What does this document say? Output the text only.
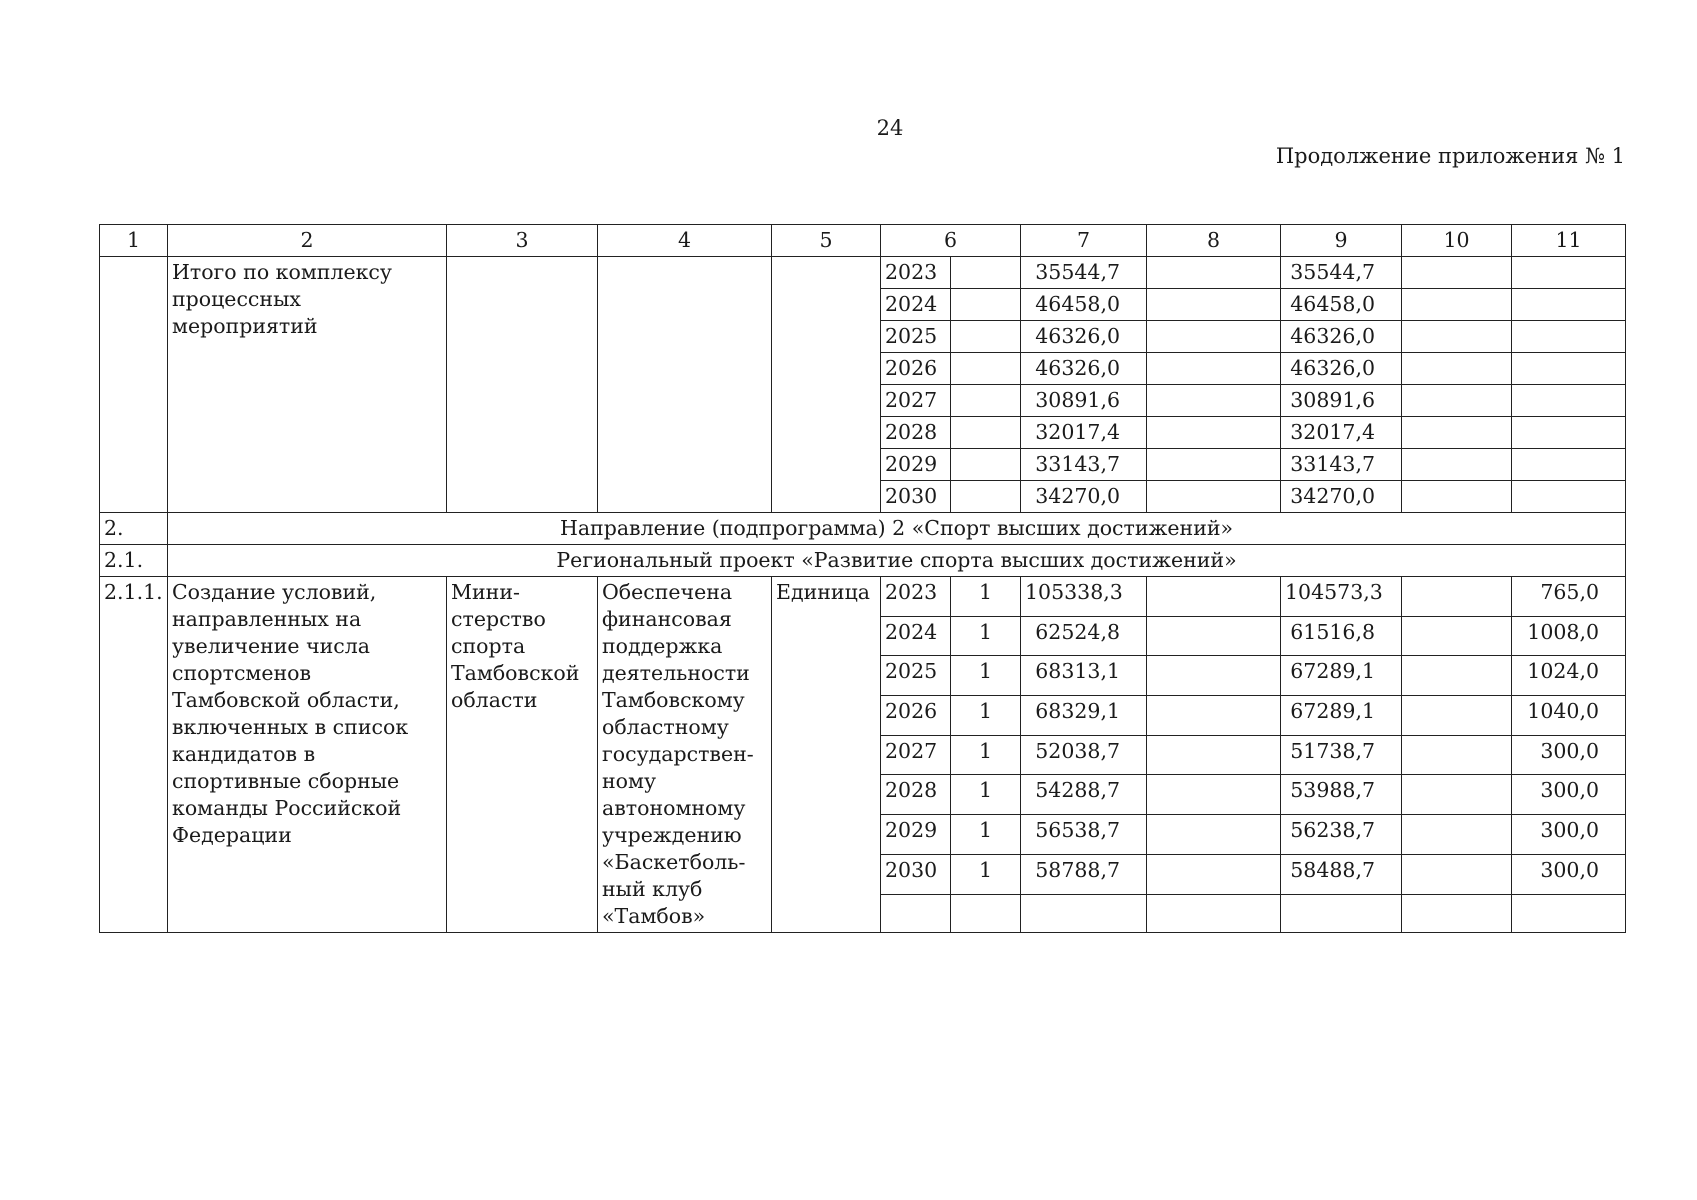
24
Продолжение приложения № 1
1	2	3	4	5	6		7	8	9	10	11
	Итого по комплексу процессных мероприятий				2023		35544,7		35544,7		
					2024		46458,0		46458,0		
					2025		46326,0		46326,0		
					2026		46326,0		46326,0		
					2027		30891,6		30891,6		
					2028		32017,4		32017,4		
					2029		33143,7		33143,7		
					2030		34270,0		34270,0		
2.	Направление (подпрограмма) 2 «Спорт высших достижений»										
2.1.	Региональный проект «Развитие спорта высших достижений»										
2.1.1.	Создание условий, направленных на увеличение числа спортсменов Тамбовской области, включенных в список кандидатов в спортивные сборные команды Российской Федерации	Мини-стерство спорта Тамбовской области	Обеспечена финансовая поддержка деятельности Тамбовскому областному государствен-ному автономному учреждению «Баскетболь-ный клуб «Тамбов»	Единица	2023	1	105338,3		104573,3		765,0
					2024	1	62524,8		61516,8		1008,0
					2025	1	68313,1		67289,1		1024,0
					2026	1	68329,1		67289,1		1040,0
					2027	1	52038,7		51738,7		300,0
					2028	1	54288,7		53988,7		300,0
					2029	1	56538,7		56238,7		300,0
					2030	1	58788,7		58488,7		300,0
